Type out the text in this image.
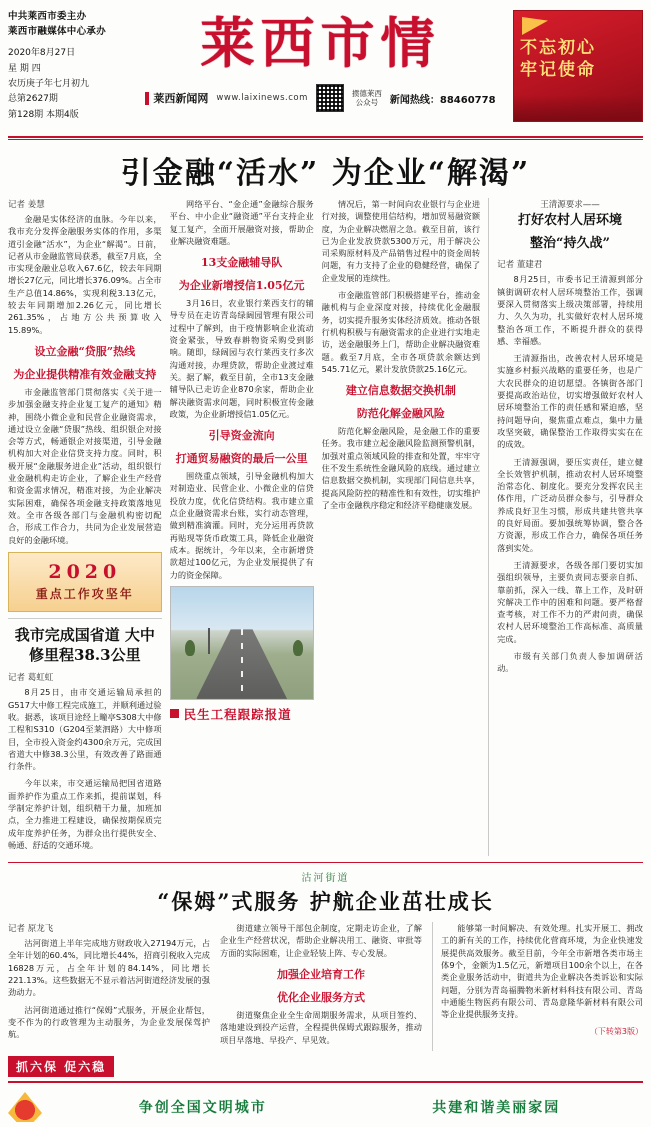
中共莱西市委主办
莱西市融媒体中心承办
2020年8月27日
星 期 四
农历庚子年七月初九
总第2627期
第128期 本期4版
莱西市情
莱西新闻网 www.laixinews.com	掼德莱西
公众号	新闻热线：88460778
不忘初心
牢记使命
引金融“活水” 为企业“解渴”
记者 姜慧

金融是实体经济的血脉。今年以来，我市充分发挥金融服务实体的作用，多渠道引金融“活水”，为企业“解渴”。日前，记者从市金融监管局获悉，截至7月底，全市实现金融业总收入67.6亿，较去年同期增长27亿元，同比增长376.09%。占全市生产总值14.86%，实现利税3.13亿元，较去年同期增加2.26亿元，同比增长261.35%，占地方公共预算收入15.89%。

设立金融“贷服”热线
为企业提供精准有效金融支持

市金融监管部门贯彻落实《关于进一步加强金融支持企业复工复产的通知》精神，围绕小微企业和民营企业融资需求，通过设立金融“贷服”热线、组织银企对接会等方式，畅通银企对接渠道，引导金融机构加大对企业信贷支持力度。同时，积极开展“金融服务进企业”活动，组织银行业金融机构走访企业，了解企业生产经营和资金需求情况，精准对接，为企业解决实际困难，确保各项金融支持政策落地见效。全市各级各部门与金融机构密切配合，形成工作合力，共同为企业发展营造良好的金融环境。

2020
重点工作攻坚年
我市完成国省道 大中修里程38.3公里
记者 葛虹虹

8月25日，由市交通运输局承担的G517大中修工程完成施工，并顺利通过验收。据悉，该项目途经上疃亭S308大中修工程和S310（G204至莱泗路）大中修项目，全市投入资金约4300余万元，完成国省道大中修38.3公里，有效改善了路面通行条件。

今年以来，市交通运输局把国省道路面养护作为重点工作来抓，提前谋划，科学制定养护计划，组织精干力量，加班加点，全力推进工程建设，确保按期保质完成年度养护任务，为群众出行提供安全、畅通、舒适的交通环境。

网络平台、“金企通”金融综合服务平台、中小企业“融资通”平台支持企业复工复产，全面开展融资对接，帮助企业解决融资难题。

13支金融辅导队
为企业新增授信1.05亿元

3月16日，农业银行莱西支行的辅导专员在走访青岛绿阔园管理有限公司过程中了解到，由于疫情影响企业流动资金紧张，导致春耕物资采购受到影响。随即，绿阔园与农行莱西支行多次沟通对接，办理贷款，帮助企业渡过难关。据了解，截至目前，全市13支金融辅导队已走访企业870余家，帮助企业解决融资需求问题，同时积极宣传金融政策，为企业新增授信1.05亿元。

引导资金流向
打通贸易融资的最后一公里

围绕重点领域，引导金融机构加大对制造业、民营企业、小微企业的信贷投放力度，优化信贷结构。我市建立重点企业融资需求台账，实行动态管理，做到精准滴灌。同时，充分运用再贷款再贴现等货币政策工具，降低企业融资成本。据统计，今年以来，全市新增贷款超过100亿元，为企业发展提供了有力的资金保障。

民生工程跟踪报道

情况后，第一时间向农业银行与企业进行对接，调整使用信结构，增加贸易融资额度，为企业解决燃眉之急。截至目前，该行已为企业发放贷款5300万元，用于解决公司采购原材料及产品销售过程中的资金周转问题，有力支持了企业的稳健经营，确保了企业发展的连续性。

市金融监管部门积极搭建平台，推动金融机构与企业深度对接，持续优化金融服务，切实提升服务实体经济质效。推动各银行机构积极与有融资需求的企业进行实地走访，送金融服务上门，帮助企业解决融资难题。截至7月底，全市各项贷款余额达到545.71亿元，累计发放贷款25.16亿元。

建立信息数据交换机制
防范化解金融风险

防范化解金融风险，是金融工作的重要任务。我市建立起金融风险监测预警机制，加强对重点领域风险的排查和处置，牢牢守住不发生系统性金融风险的底线。通过建立信息数据交换机制，实现部门间信息共享，提高风险防控的精准性和有效性，切实维护了全市金融秩序稳定和经济平稳健康发展。

王清源要求——
打好农村人居环境
整治“持久战”
记者 董建君

8月25日，市委书记王清源到部分镇街调研农村人居环境整治工作，强调要深入贯彻落实上级决策部署，持续用力、久久为功，扎实做好农村人居环境整治各项工作，不断提升群众的获得感、幸福感。

王清源指出，改善农村人居环境是实施乡村振兴战略的重要任务，也是广大农民群众的迫切愿望。各镇街各部门要提高政治站位，切实增强做好农村人居环境整治工作的责任感和紧迫感，坚持问题导向，聚焦重点难点，集中力量攻坚突破，确保整治工作取得实实在在的成效。

王清源强调，要压实责任，建立健全长效管护机制，推动农村人居环境整治常态化、制度化。要充分发挥农民主体作用，广泛动员群众参与，引导群众养成良好卫生习惯，形成共建共管共享的良好局面。要加强统筹协调，整合各方资源，形成工作合力，确保各项任务落到实处。

王清源要求，各级各部门要切实加强组织领导，主要负责同志要亲自抓、靠前抓，深入一线、靠上工作，及时研究解决工作中的困难和问题。要严格督查考核，对工作不力的严肃问责，确保农村人居环境整治工作高标准、高质量完成。

市级有关部门负责人参加调研活动。

沽河街道
“保姆”式服务 护航企业茁壮成长
记者 原龙飞

沽河街道上半年完成地方财政收入27194万元，占全年计划的60.4%，同比增长44%，招商引税收入完成16828万元，占全年计划的84.14%，同比增长221.13%。这些数据无不显示着沽河街道经济发展的强劲动力。

沽河街道通过推行“保姆”式服务，开展企业帮包，变不作为的行政管理为主动服务，为企业发展保驾护航。

街道建立领导干部包企制度，定期走访企业，了解企业生产经营状况，帮助企业解决用工、融资、审批等方面的实际困难，让企业轻装上阵、专心发展。

加强企业培育工作
优化企业服务方式

街道聚焦企业全生命周期服务需求，从项目签约、落地建设到投产运营，全程提供保姆式跟踪服务，推动项目早落地、早投产、早见效。

能够第一时间解决、有效处理。扎实开展工、拥改工的新有关的工作，持续优化营商环境，为企业快速发展提供高效服务。截至目前，今年全市新增各类市场主体9个，金额为1.5亿元，新增项目100余个以上，在各类企业服务活动中，街道共为企业解决各类诉讼和实际问题，分别为青岛福腾物米新材料科技有限公司、青岛中通能生物医药有限公司、青岛意隆华新材料有限公司等企业提供服务支持。

（下转第3版）
抓六保 促六稳
争创全国文明城市	共建和谐美丽家园
